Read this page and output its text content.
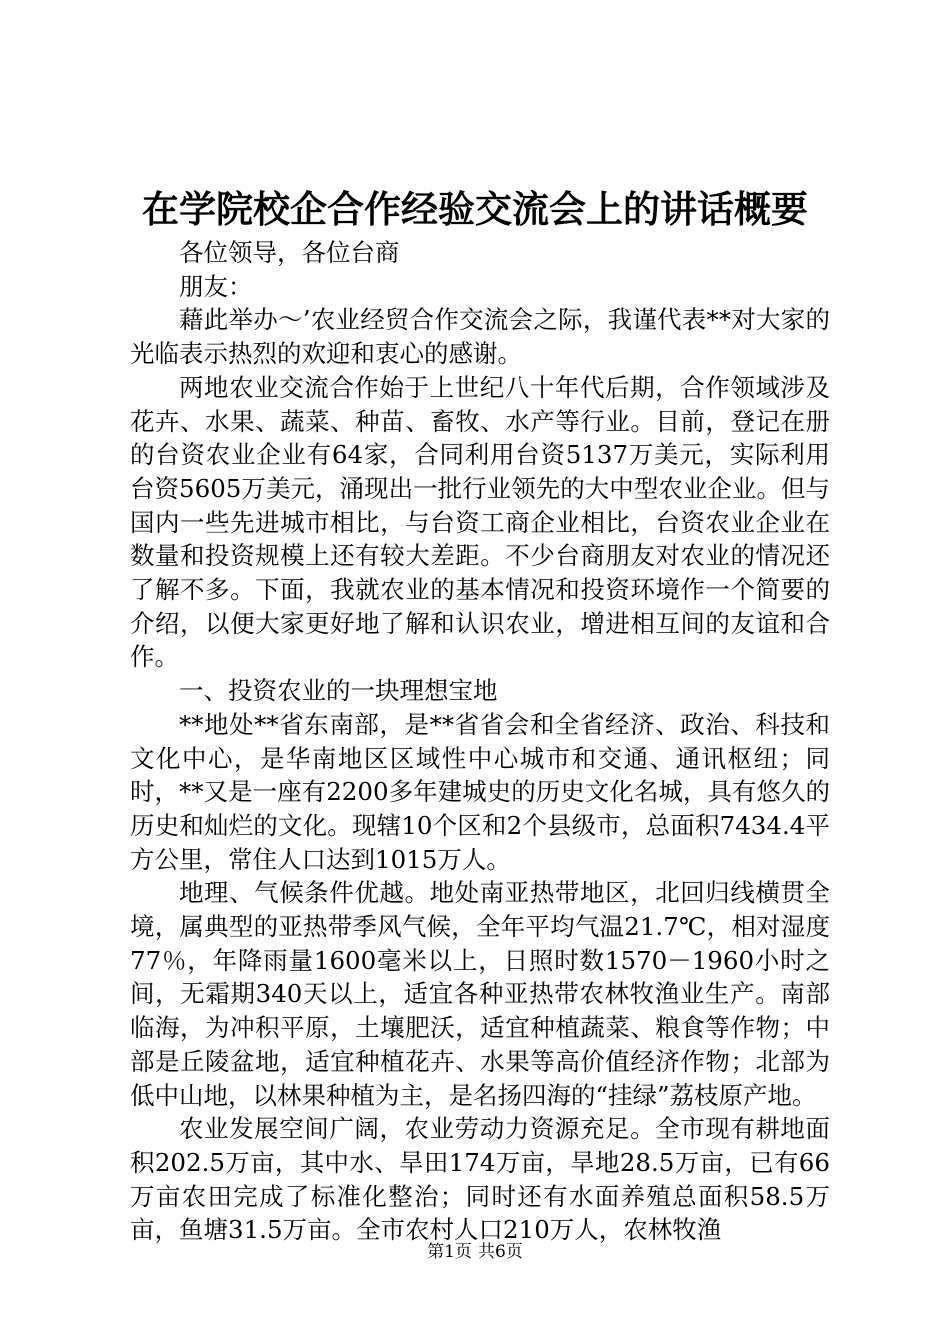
在学院校企合作经验交流会上的讲话概要

各位领导，各位台商

朋友：

藉此举办～’农业经贸合作交流会之际，我谨代表**对大家的光临表示热烈的欢迎和衷心的感谢。

两地农业交流合作始于上世纪八十年代后期，合作领域涉及花卉、水果、蔬菜、种苗、畜牧、水产等行业。目前，登记在册的台资农业企业有64家，合同利用台资5137万美元，实际利用台资5605万美元，涌现出一批行业领先的大中型农业企业。但与国内一些先进城市相比，与台资工商企业相比，台资农业企业在数量和投资规模上还有较大差距。不少台商朋友对农业的情况还了解不多。下面，我就农业的基本情况和投资环境作一个简要的介绍，以便大家更好地了解和认识农业，增进相互间的友谊和合作。

一、投资农业的一块理想宝地

**地处**省东南部，是**省省会和全省经济、政治、科技和文化中心，是华南地区区域性中心城市和交通、通讯枢纽；同时，**又是一座有2200多年建城史的历史文化名城，具有悠久的历史和灿烂的文化。现辖10个区和2个县级市，总面积7434.4平方公里，常住人口达到1015万人。

地理、气候条件优越。地处南亚热带地区，北回归线横贯全境，属典型的亚热带季风气候，全年平均气温21.7℃，相对湿度77％，年降雨量1600毫米以上，日照时数1570－1960小时之间，无霜期340天以上，适宜各种亚热带农林牧渔业生产。南部临海，为冲积平原，土壤肥沃，适宜种植蔬菜、粮食等作物；中部是丘陵盆地，适宜种植花卉、水果等高价值经济作物；北部为低中山地，以林果种植为主，是名扬四海的“挂绿”荔枝原产地。

农业发展空间广阔，农业劳动力资源充足。全市现有耕地面积202.5万亩，其中水、旱田174万亩，旱地28.5万亩，已有66万亩农田完成了标准化整治；同时还有水面养殖总面积58.5万亩，鱼塘31.5万亩。全市农村人口210万人，农林牧渔

第1页 共6页
